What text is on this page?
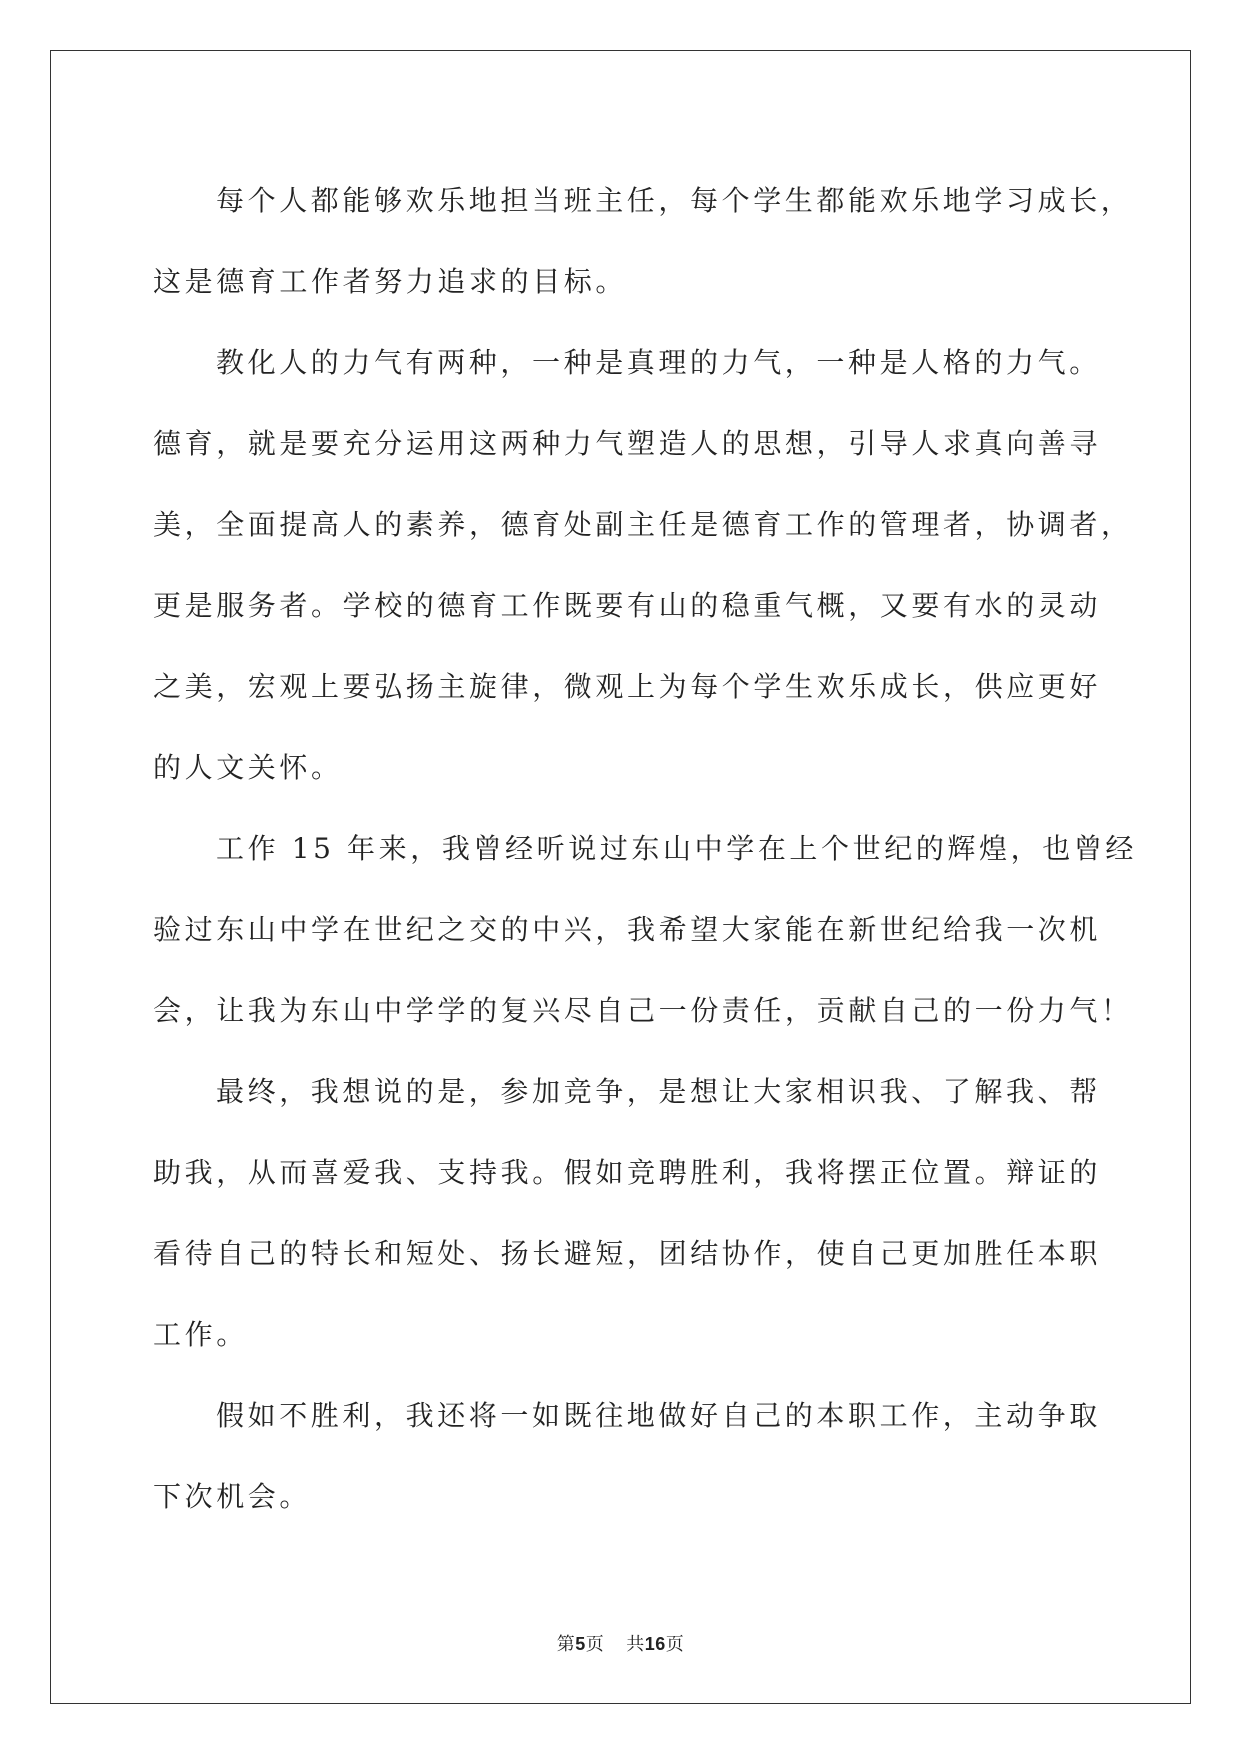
每个人都能够欢乐地担当班主任，每个学生都能欢乐地学习成长，
这是德育工作者努力追求的目标。

教化人的力气有两种，一种是真理的力气，一种是人格的力气。
德育，就是要充分运用这两种力气塑造人的思想，引导人求真向善寻
美，全面提高人的素养，德育处副主任是德育工作的管理者，协调者，
更是服务者。学校的德育工作既要有山的稳重气概，又要有水的灵动
之美，宏观上要弘扬主旋律，微观上为每个学生欢乐成长，供应更好
的人文关怀。

工作 15 年来，我曾经听说过东山中学在上个世纪的辉煌，也曾经
验过东山中学在世纪之交的中兴，我希望大家能在新世纪给我一次机
会，让我为东山中学学的复兴尽自己一份责任，贡献自己的一份力气！

最终，我想说的是，参加竞争，是想让大家相识我、了解我、帮
助我，从而喜爱我、支持我。假如竞聘胜利，我将摆正位置。辩证的
看待自己的特长和短处、扬长避短，团结协作，使自己更加胜任本职
工作。

假如不胜利，我还将一如既往地做好自己的本职工作，主动争取
下次机会。

第5页 共16页
